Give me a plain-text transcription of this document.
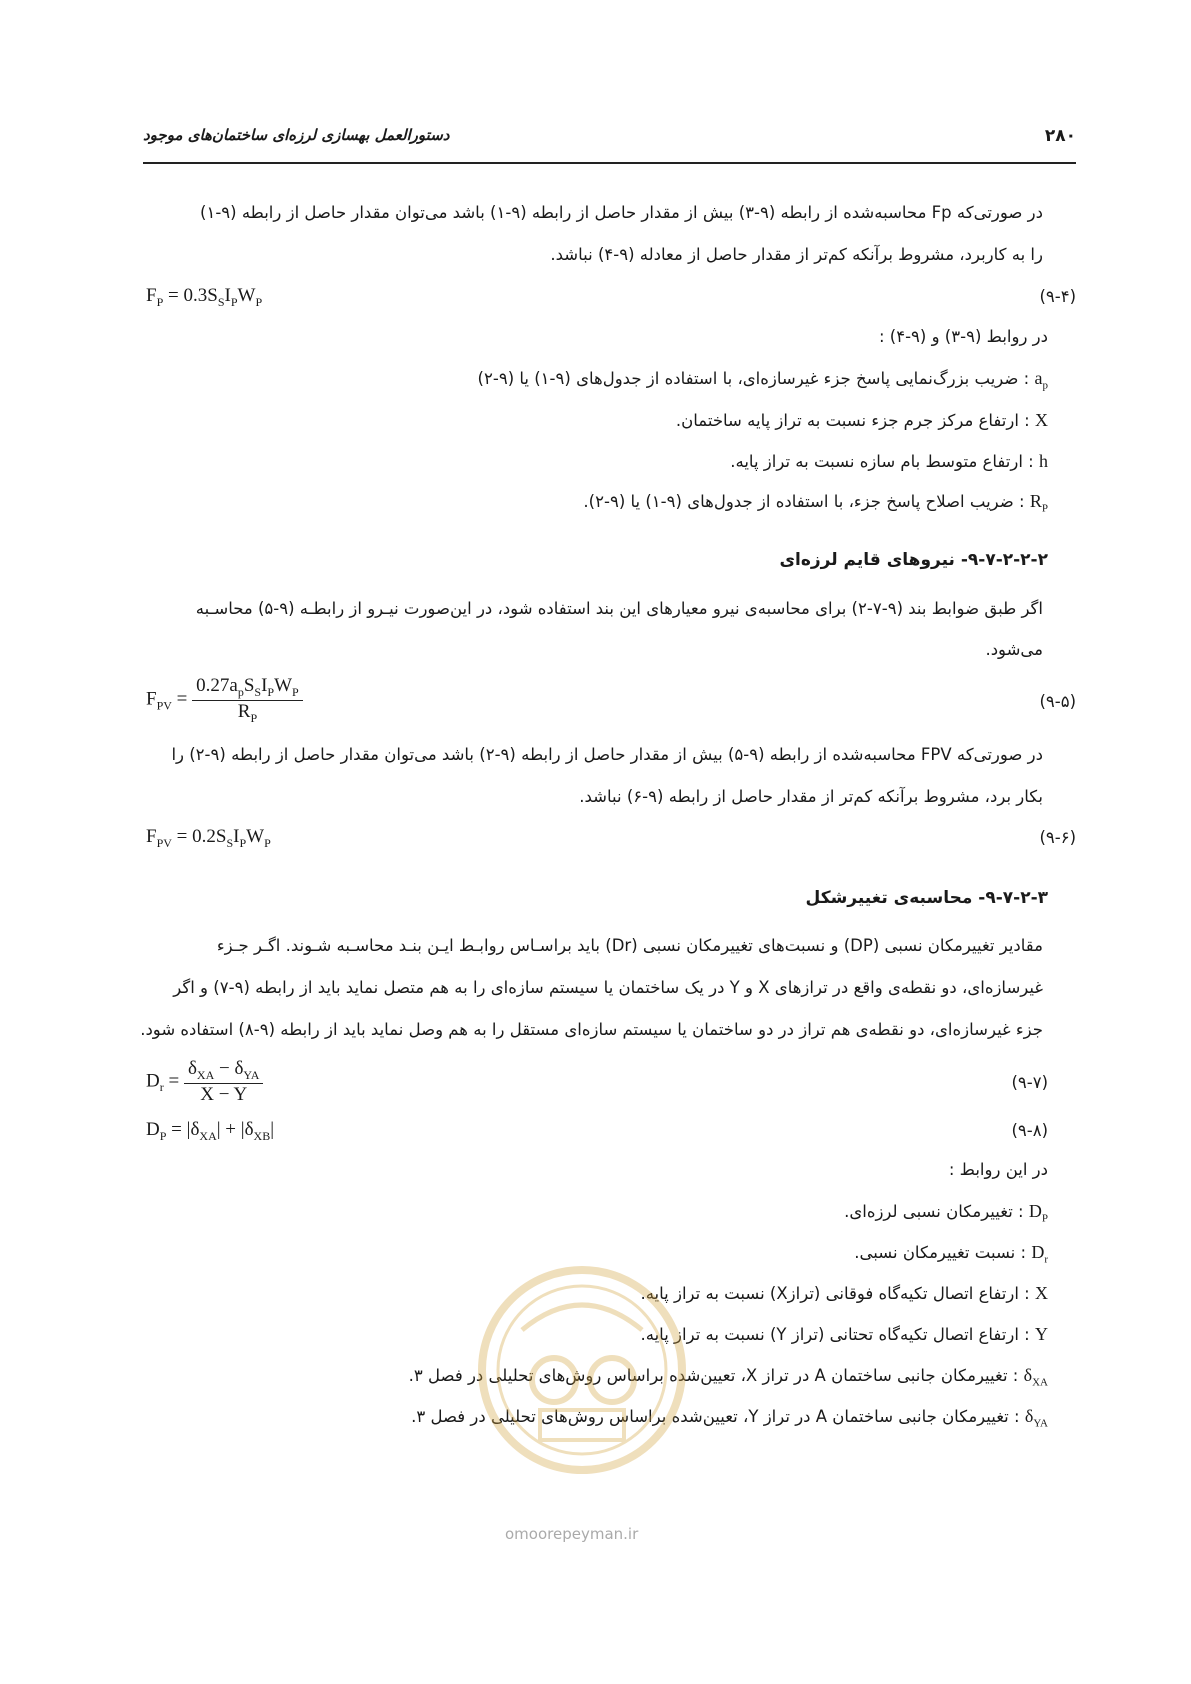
دستورالعمل بهسازی لرزه‌ای ساختمان‌های موجود	۲۸۰
در صورتی‌که Fp محاسبه‌شده از رابطه (۹-۳) بیش از مقدار حاصل از رابطه (۹-۱) باشد می‌توان مقدار حاصل از رابطه (۹-۱)
را به کاربرد، مشروط برآنکه کم‌تر از مقدار حاصل از معادله (۹-۴) نباشد.
$F_P = 0.3S_SI_PW_P$	(۹-۴)
در روابط (۹-۳) و (۹-۴) :
$a_p$ : ضریب بزرگ‌نمایی پاسخ جزء غیرسازه‌ای، با استفاده از جدول‌های (۹-۱) یا (۹-۲)
X : ارتفاع مرکز جرم جزء نسبت به تراز پایه ساختمان.
h : ارتفاع متوسط بام سازه نسبت به تراز پایه.
$R_P$ : ضریب اصلاح پاسخ جزء، با استفاده از جدول‌های (۹-۱) یا (۹-۲).
۹-۷-۲-۲-۲- نیروهای قایم لرزه‌ای
اگر طبق ضوابط بند (۹-۷-۲) برای محاسبه‌ی نیرو معیارهای این بند استفاده شود، در این‌صورت نیـرو از رابطـه (۹-۵) محاسـبه
می‌شود.
$F_{PV} = \frac{0.27a_pS_SI_PW_P}{R_P}$	(۹-۵)
در صورتی‌که FPV محاسبه‌شده از رابطه (۹-۵) بیش از مقدار حاصل از رابطه (۹-۲) باشد می‌توان مقدار حاصل از رابطه (۹-۲) را
بکار برد، مشروط برآنکه کم‌تر از مقدار حاصل از رابطه (۹-۶) نباشد.
$F_{PV} = 0.2S_SI_PW_P$	(۹-۶)
۹-۷-۲-۳- محاسبه‌ی تغییرشکل
مقادیر تغییرمکان نسبی (DP) و نسبت‌های تغییرمکان نسبی (Dr) باید براسـاس روابـط ایـن بنـد محاسـبه شـوند. اگـر جـزء
غیرسازه‌ای، دو نقطه‌ی واقع در ترازهای X و Y در یک ساختمان یا سیستم سازه‌ای را به هم متصل نماید باید از رابطه (۹-۷) و اگر
جزء غیرسازه‌ای، دو نقطه‌ی هم تراز در دو ساختمان یا سیستم سازه‌ای مستقل را به هم وصل نماید باید از رابطه (۹-۸) استفاده شود.
$D_r = \frac{\delta_{XA} - \delta_{YA}}{X - Y}$	(۹-۷)
$D_P = |\delta_{XA}| + |\delta_{XB}|$	(۹-۸)
در این روابط :
$D_P$ : تغییرمکان نسبی لرزه‌ای.
$D_r$ : نسبت تغییرمکان نسبی.
X : ارتفاع اتصال تکیه‌گاه فوقانی (ترازX) نسبت به تراز پایه.
Y : ارتفاع اتصال تکیه‌گاه تحتانی (تراز Y) نسبت به تراز پایه.
$\delta_{XA}$ : تغییرمکان جانبی ساختمان A در تراز X، تعیین‌شده براساس روش‌های تحلیلی در فصل ۳.
$\delta_{YA}$ : تغییرمکان جانبی ساختمان A در تراز Y، تعیین‌شده براساس روش‌های تحلیلی در فصل ۳.
omoorepeyman.ir
